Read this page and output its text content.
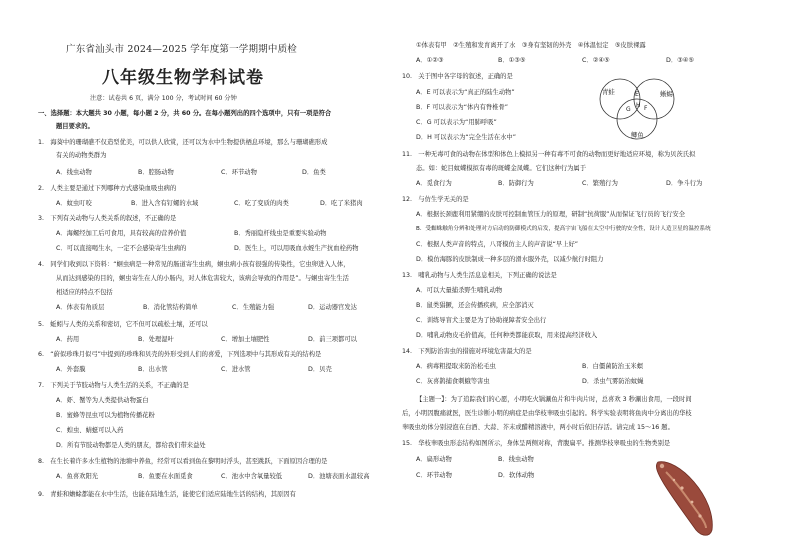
广东省汕头市 2024—2025 学年度第一学期期中质检
八年级生物学科试卷
注意：试卷共 6 页，满分 100 分，考试时间 60 分钟
一、选择题：本大题共 30 小题，每小题 2 分，共 60 分。在每小题列出的四个选项中，只有一项是符合
题目要求的。
1.　海葵中的珊瑚礁不仅造型优美，可以供人欣赏，还可以为水中生物提供栖息环境，那么与珊瑚礁形成
有关的动物类群为
A．线虫动物	B．腔肠动物	C．环节动物	D．鱼类
2.　人类主要是通过下列哪种方式感染血吸虫病的
A．蚊虫叮咬	B．进入含有钉螺的水域	C．吃了变质的肉类	D．吃了米猪肉
3.　下列有关动物与人类关系的叙述，不正确的是
A．海螺经加工后可食用，具有较高的营养价值	B．秀丽隐杆线虫是重要实验动物
C．可以直接喝生水，一定不会感染寄生虫病的	D．医生上，可以用吸血水蛭生产抗血栓药物
4.　同学们收到以下资料：“蛔虫病是一种常见的肠道寄生虫病，蛔虫病小孩有很强的传染性，它虫卵进入人体，
从而达到感染的目的，蛔虫寄生在人的小肠内，对人体危害较大，该病会导致的作用是”。与蛔虫寄生生活
相适应的特点不包括
A．体表有角质层	B．消化管结构简单	C．生殖能力强	D．运动器官发达
5.　蚯蚓与人类的关系和密切，它不但可以疏松土壤，还可以
A．药用	B．处理湿叶	C．增加土壤肥性	D．前三项都可以
6.　“蔚似珍珠月似弓”中提到的珍珠和贝壳的外形受到人们的喜爱，下列选项中与其形成有关的结构是
A．外套膜	B．出水管	C．进水管	D．贝壳
7.　下列关于节肢动物与人类生活的关系，不正确的是
A．虾、蟹等为人类提供动物蛋白
B．蜜蜂等昆虫可以为植物传播花粉
C．蝗虫、蜻蜓可以入药
D．所有节肢动物都是人类的朋友，都给我们带来益处
8.　在生长着许多水生植物的池塘中养鱼，经常可以看到鱼在黎明时浮头，甚至跳跃，下面原因合理的是
A．鱼喜欢阳光	B．鱼要在水面觅食	C．池水中含氧量较低	D．池塘表面水温较高
9.　青蛙和蟾蜍都能在水中生活，也能在陆地生活，能使它们适应陆地生活的结构，其原因有
①体表有甲　②生殖和发育离开了水　③身有坚韧的外壳　④体温恒定　⑤皮肤裸露
A．①②③	B．①③⑤	C．②④⑤	D．③④⑤
10.　关于图中各字母的叙述，正确的是
A．E 可以表示为“真正的陆生动物”
B．F 可以表示为“体内有脊椎骨”
C．G 可以表示为“用肺呼吸”
D．H 可以表示为“完全生活在水中”
青蛙	蜥蜴
鲫鱼
E
F
G
H
11.　一种无毒可食的动物在体型和体色上模拟另一种有毒不可食的动物而更好地适应环境，称为贝茨氏拟
态。如：蛇目蚊蝶模拟有毒的斑蝶金凤蝶。它们这种行为属于
A．觅食行为	B．防御行为	C．繁殖行为	D．争斗行为
12.　与仿生学无关的是
A．根据长颈鹿利用紧绷的皮肤可控制血管压力的原理，研制“抗荷服”从而保证飞行员的飞行安全
B．受蜘蛛触角分辨和处理对方启动的防御模式的启发，提高宇宙飞船在太空中行驶的安全性，设计人造卫星的温控系统
C．根据人类声音的特点，八哥模仿主人的声音说“早上好”
D．模仿海豚的皮肤制成一种多层的滑水服外壳，以减少航行时阻力
13.　哺乳动物与人类生活息息相关，下列正确的说法是
A．可以大量捕杀野生哺乳动物
B．鼠类猖獗，还会传播疾病，应全部消灭
C．训练导盲犬主要是为了协助视障者安全出行
D．哺乳动物皮毛价值高，任何种类都能获取，用来提高经济收入
14.　下列防治害虫的措施对环境危害最大的是
A．病毒粗提取来防治松毛虫	B．白僵菌防治玉米螟
C．灰喜鹊捕食刺蛾等害虫	D．杀虫气雾防治蚊蝇
【主题一】：为了追踪我们的心愿，小明吃火锅涮鱼片和牛肉片时，总喜欢 3 秒涮出食用，一段时间
后，小明因腹痛就医，医生诊断小明的病症是由华枝睾吸虫引起的。科学实验表明将鱼肉中分离出的华枝
睾吸虫幼体分别浸泡在白酒、大蒜、芥末或醋精溶液中，两小时后依旧存活。请完成 15～16 题。
15.　华枝睾吸虫形态结构如图所示，身体呈两侧对称，背腹扁平。推测华枝睾吸虫的生物类别是
A．扁形动物	B．线虫动物
C．环节动物	D．软体动物
